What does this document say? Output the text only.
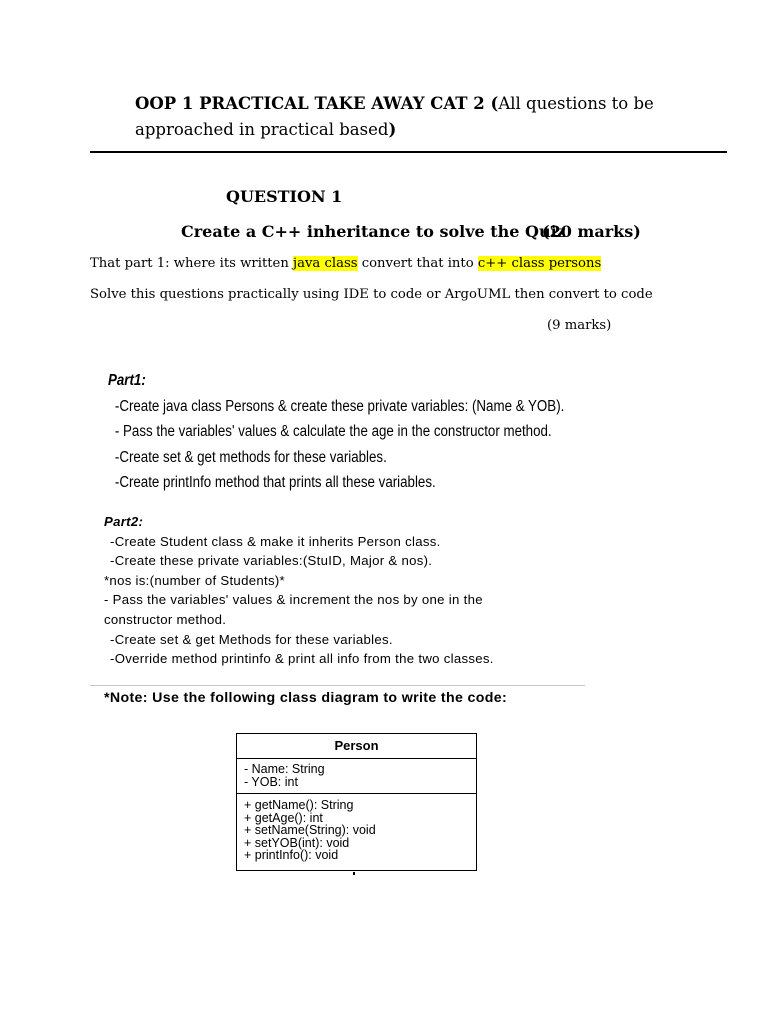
OOP 1 PRACTICAL TAKE AWAY CAT 2 (All questions to be
approached in practical based)
QUESTION 1
Create a C++ inheritance to solve the Quiz
(20 marks)
That part 1: where its written java class convert that into c++ class persons
Solve this questions practically using IDE to code or ArgoUML then convert to code
(9 marks)
Part1:
-Create java class Persons & create these private variables: (Name & YOB).
- Pass the variables' values & calculate the age in the constructor method.
-Create set & get methods for these variables.
-Create printInfo method that prints all these variables.
Part2:
-Create Student class & make it inherits Person class.
-Create these private variables:(StuID, Major & nos).
*nos is:(number of Students)*
- Pass the variables' values & increment the nos by one in the
constructor method.
-Create set & get Methods for these variables.
-Override method printinfo & print all info from the two classes.
*Note: Use the following class diagram to write the code:
Person
- Name: String
- YOB: int
+ getName(): String
+ getAge(): int
+ setName(String): void
+ setYOB(int): void
+ printInfo(): void
